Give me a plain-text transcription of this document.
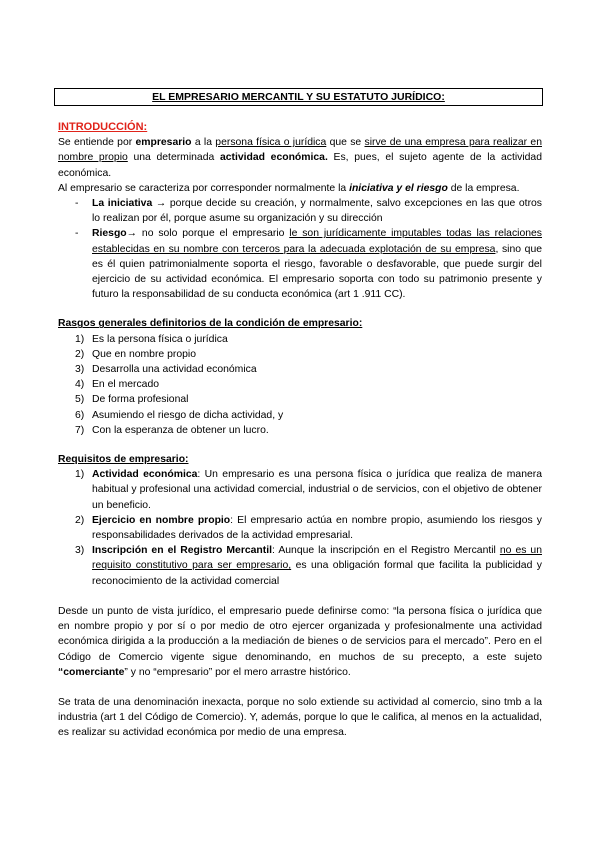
EL EMPRESARIO MERCANTIL Y SU ESTATUTO JURÍDICO:

INTRODUCCIÓN:

Se entiende por empresario a la persona física o jurídica que se sirve de una empresa para realizar en nombre propio una determinada actividad económica. Es, pues, el sujeto agente de la actividad económica.

Al empresario se caracteriza por corresponder normalmente la iniciativa y el riesgo de la empresa.

- La iniciativa → porque decide su creación, y normalmente, salvo excepciones en las que otros lo realizan por él, porque asume su organización y su dirección
- Riesgo→ no solo porque el empresario le son jurídicamente imputables todas las relaciones establecidas en su nombre con terceros para la adecuada explotación de su empresa, sino que es él quien patrimonialmente soporta el riesgo, favorable o desfavorable, que puede surgir del ejercicio de su actividad económica. El empresario soporta con todo su patrimonio presente y futuro la responsabilidad de su conducta económica (art 1 .911 CC).

Rasgos generales definitorios de la condición de empresario:

1) Es la persona física o jurídica
2) Que en nombre propio
3) Desarrolla una actividad económica
4) En el mercado
5) De forma profesional
6) Asumiendo el riesgo de dicha actividad, y
7) Con la esperanza de obtener un lucro.

Requisitos de empresario:

1) Actividad económica: Un empresario es una persona física o jurídica que realiza de manera habitual y profesional una actividad comercial, industrial o de servicios, con el objetivo de obtener un beneficio.
2) Ejercicio en nombre propio: El empresario actúa en nombre propio, asumiendo los riesgos y responsabilidades derivados de la actividad empresarial.
3) Inscripción en el Registro Mercantil: Aunque la inscripción en el Registro Mercantil no es un requisito constitutivo para ser empresario, es una obligación formal que facilita la publicidad y reconocimiento de la actividad comercial

Desde un punto de vista jurídico, el empresario puede definirse como: “la persona física o jurídica que en nombre propio y por sí o por medio de otro ejercer organizada y profesionalmente una actividad económica dirigida a la producción a la mediación de bienes o de servicios para el mercado”. Pero en el Código de Comercio vigente sigue denominando, en muchos de su precepto, a este sujeto “comerciante” y no “empresario” por el mero arrastre histórico.

Se trata de una denominación inexacta, porque no solo extiende su actividad al comercio, sino tmb a la industria (art 1 del Código de Comercio). Y, además, porque lo que le califica, al menos en la actualidad, es realizar su actividad económica por medio de una empresa.
